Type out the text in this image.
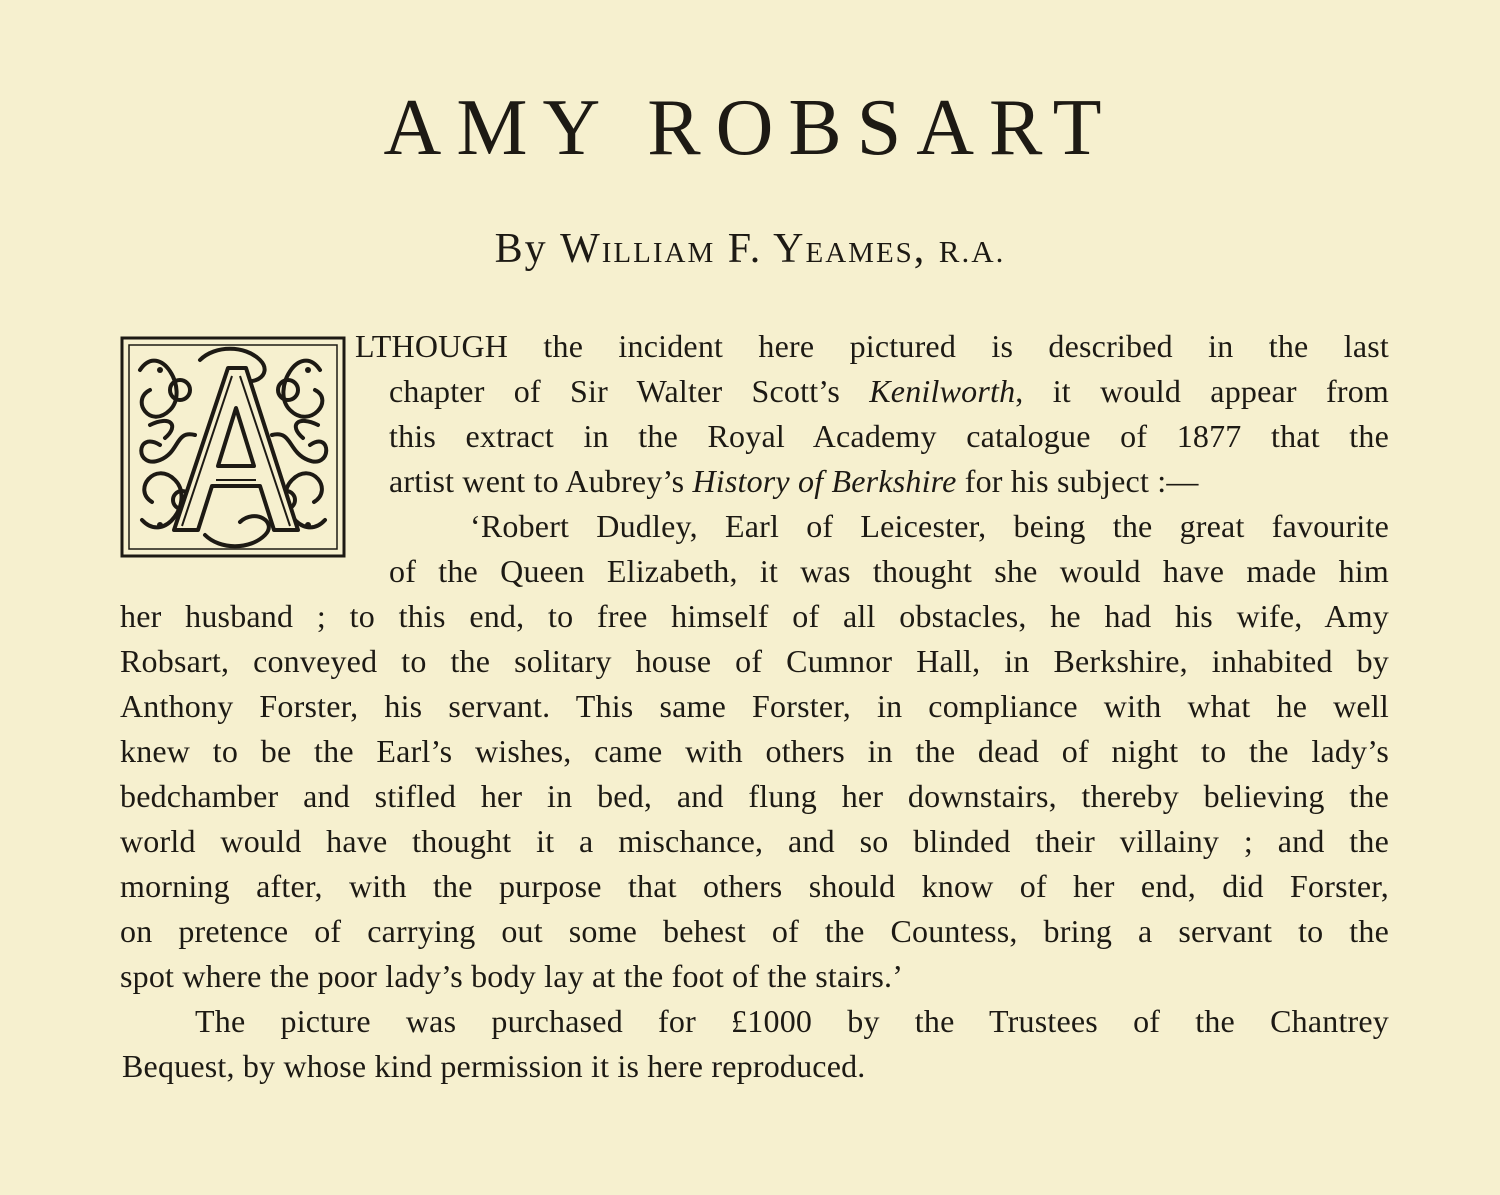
AMY ROBSART
By William F. Yeames, R.A.
LTHOUGH the incident here pictured is described in the last
chapter of Sir Walter Scott’s Kenilworth, it would appear from
this extract in the Royal Academy catalogue of 1877 that the
artist went to Aubrey’s History of Berkshire for his subject :—
‘Robert Dudley, Earl of Leicester, being the great favourite
of the Queen Elizabeth, it was thought she would have made him
her husband ; to this end, to free himself of all obstacles, he had his wife, Amy
Robsart, conveyed to the solitary house of Cumnor Hall, in Berkshire, inhabited by
Anthony Forster, his servant. This same Forster, in compliance with what he well
knew to be the Earl’s wishes, came with others in the dead of night to the lady’s
bedchamber and stifled her in bed, and flung her downstairs, thereby believing the
world would have thought it a mischance, and so blinded their villainy ; and the
morning after, with the purpose that others should know of her end, did Forster,
on pretence of carrying out some behest of the Countess, bring a servant to the
spot where the poor lady’s body lay at the foot of the stairs.’
The picture was purchased for £1000 by the Trustees of the Chantrey
Bequest, by whose kind permission it is here reproduced.
